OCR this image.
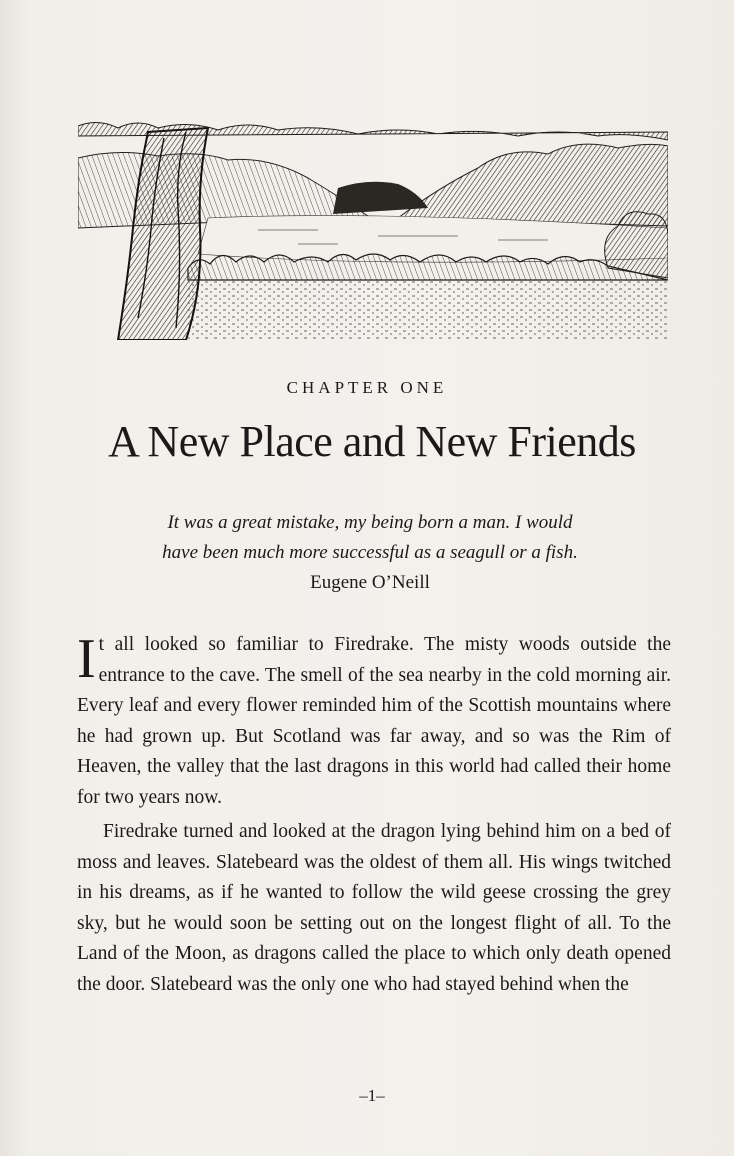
CHAPTER ONE
A New Place and New Friends
It was a great mistake, my being born a man. I would
have been much more successful as a seagull or a fish.
Eugene O’Neill

It all looked so familiar to Firedrake. The misty woods outside the entrance to the cave. The smell of the sea nearby in the cold morning air. Every leaf and every flower reminded him of the Scottish mountains where he had grown up. But Scotland was far away, and so was the Rim of Heaven, the valley that the last dragons in this world had called their home for two years now.

Firedrake turned and looked at the dragon lying behind him on a bed of moss and leaves. Slatebeard was the oldest of them all. His wings twitched in his dreams, as if he wanted to follow the wild geese crossing the grey sky, but he would soon be setting out on the longest flight of all. To the Land of the Moon, as dragons called the place to which only death opened the door. Slatebeard was the only one who had stayed behind when the

–1–
